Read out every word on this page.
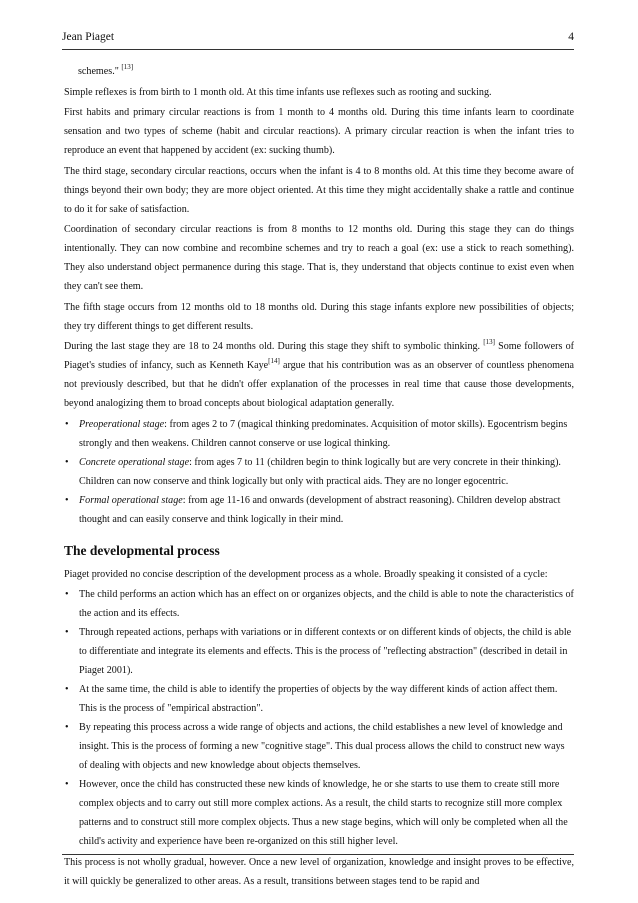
Jean Piaget	4

schemes." [13]

Simple reflexes is from birth to 1 month old. At this time infants use reflexes such as rooting and sucking.

First habits and primary circular reactions is from 1 month to 4 months old. During this time infants learn to coordinate sensation and two types of scheme (habit and circular reactions). A primary circular reaction is when the infant tries to reproduce an event that happened by accident (ex: sucking thumb).

The third stage, secondary circular reactions, occurs when the infant is 4 to 8 months old. At this time they become aware of things beyond their own body; they are more object oriented. At this time they might accidentally shake a rattle and continue to do it for sake of satisfaction.

Coordination of secondary circular reactions is from 8 months to 12 months old. During this stage they can do things intentionally. They can now combine and recombine schemes and try to reach a goal (ex: use a stick to reach something). They also understand object permanence during this stage. That is, they understand that objects continue to exist even when they can't see them.

The fifth stage occurs from 12 months old to 18 months old. During this stage infants explore new possibilities of objects; they try different things to get different results.

During the last stage they are 18 to 24 months old. During this stage they shift to symbolic thinking. [13] Some followers of Piaget's studies of infancy, such as Kenneth Kaye[14] argue that his contribution was as an observer of countless phenomena not previously described, but that he didn't offer explanation of the processes in real time that cause those developments, beyond analogizing them to broad concepts about biological adaptation generally.

• Preoperational stage: from ages 2 to 7 (magical thinking predominates. Acquisition of motor skills). Egocentrism begins strongly and then weakens. Children cannot conserve or use logical thinking.
• Concrete operational stage: from ages 7 to 11 (children begin to think logically but are very concrete in their thinking). Children can now conserve and think logically but only with practical aids. They are no longer egocentric.
• Formal operational stage: from age 11-16 and onwards (development of abstract reasoning). Children develop abstract thought and can easily conserve and think logically in their mind.
The developmental process

Piaget provided no concise description of the development process as a whole. Broadly speaking it consisted of a cycle:

• The child performs an action which has an effect on or organizes objects, and the child is able to note the characteristics of the action and its effects.
• Through repeated actions, perhaps with variations or in different contexts or on different kinds of objects, the child is able to differentiate and integrate its elements and effects. This is the process of "reflecting abstraction" (described in detail in Piaget 2001).
• At the same time, the child is able to identify the properties of objects by the way different kinds of action affect them. This is the process of "empirical abstraction".
• By repeating this process across a wide range of objects and actions, the child establishes a new level of knowledge and insight. This is the process of forming a new "cognitive stage". This dual process allows the child to construct new ways of dealing with objects and new knowledge about objects themselves.
• However, once the child has constructed these new kinds of knowledge, he or she starts to use them to create still more complex objects and to carry out still more complex actions. As a result, the child starts to recognize still more complex patterns and to construct still more complex objects. Thus a new stage begins, which will only be completed when all the child's activity and experience have been re-organized on this still higher level.

This process is not wholly gradual, however. Once a new level of organization, knowledge and insight proves to be effective, it will quickly be generalized to other areas. As a result, transitions between stages tend to be rapid and
